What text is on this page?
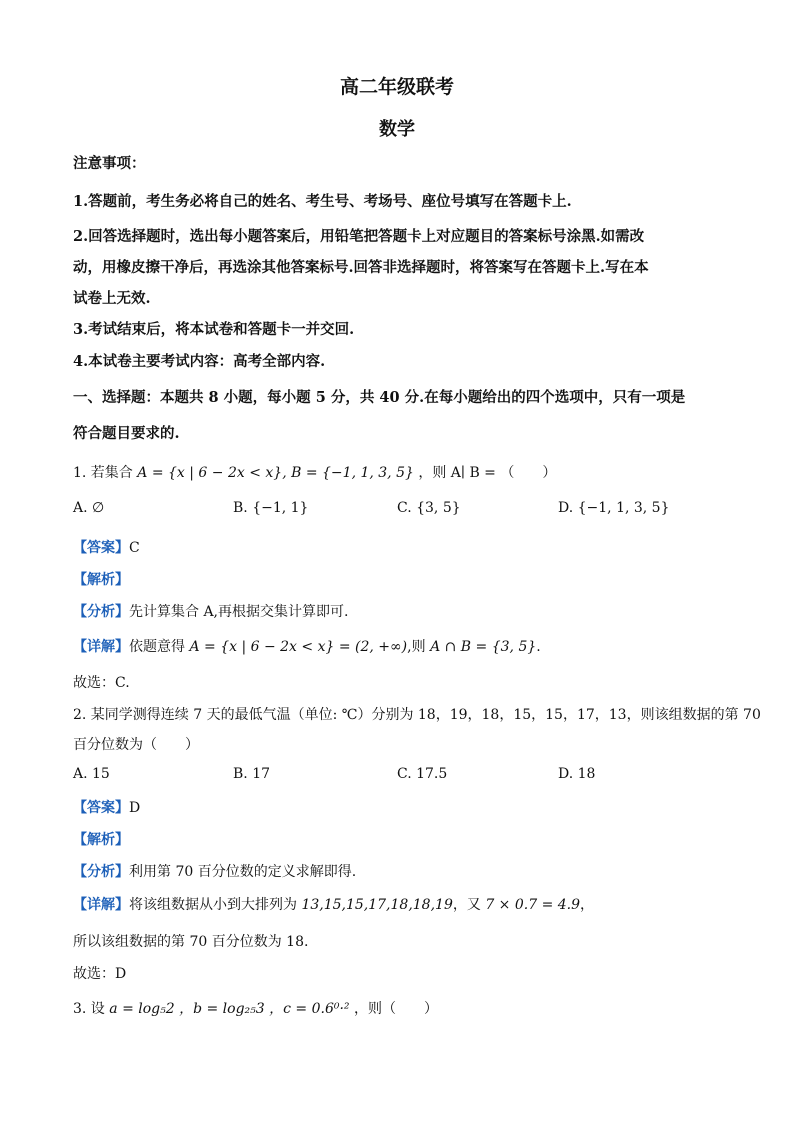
高二年级联考
数学
注意事项：
1.答题前，考生务必将自己的姓名、考生号、考场号、座位号填写在答题卡上.
2.回答选择题时，选出每小题答案后，用铅笔把答题卡上对应题目的答案标号涂黑.如需改
动，用橡皮擦干净后，再选涂其他答案标号.回答非选择题时，将答案写在答题卡上.写在本
试卷上无效.
3.考试结束后，将本试卷和答题卡一并交回.
4.本试卷主要考试内容：高考全部内容.
一、选择题：本题共 8 小题，每小题 5 分，共 40 分.在每小题给出的四个选项中，只有一项是
符合题目要求的.
1. 若集合 A = {x | 6 − 2x < x}, B = {−1, 1, 3, 5} ，则 A∣ B = （　　）
A. ∅	B. {−1, 1}	C. {3, 5}	D. {−1, 1, 3, 5}
【答案】C
【解析】
【分析】先计算集合 A,再根据交集计算即可.
【详解】依题意得 A = {x | 6 − 2x < x} = (2, +∞),则 A ∩ B = {3, 5}.
故选：C.
2. 某同学测得连续 7 天的最低气温（单位: ℃）分别为 18，19，18，15，15，17，13，则该组数据的第 70
百分位数为（　　）
A. 15	B. 17	C. 17.5	D. 18
【答案】D
【解析】
【分析】利用第 70 百分位数的定义求解即得.
【详解】将该组数据从小到大排列为 13,15,15,17,18,18,19，又 7 × 0.7 = 4.9，
所以该组数据的第 70 百分位数为 18.
故选：D
3. 设 a = log₅2 ，b = log₂₅3 ，c = 0.6⁰·² ，则（　　）
